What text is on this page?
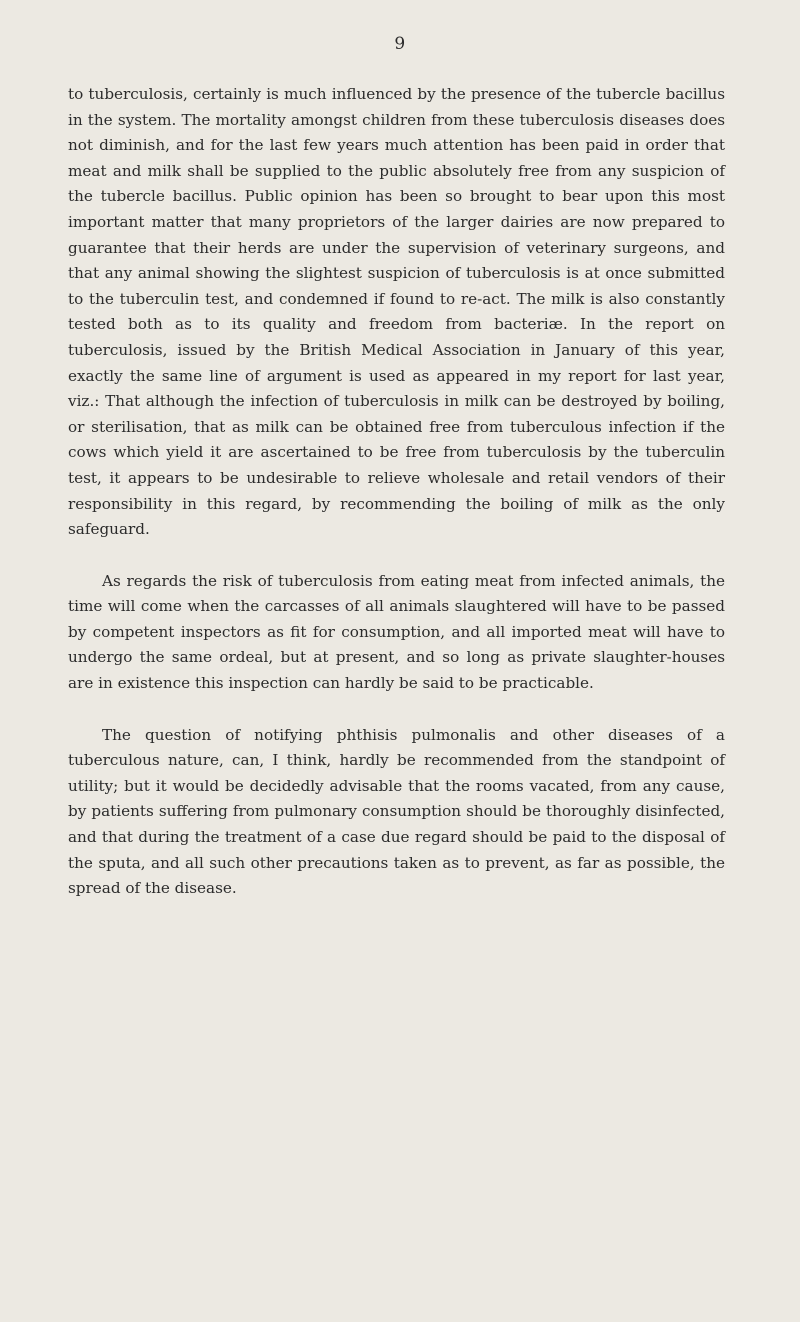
9

to tuberculosis, certainly is much influenced by the presence of the tubercle bacillus in the system. The mortality amongst children from these tuberculosis diseases does not diminish, and for the last few years much attention has been paid in order that meat and milk shall be supplied to the public absolutely free from any suspicion of the tubercle bacillus. Public opinion has been so brought to bear upon this most important matter that many proprietors of the larger dairies are now prepared to guarantee that their herds are under the supervision of veterinary surgeons, and that any animal showing the slightest suspicion of tuberculosis is at once submitted to the tuberculin test, and condemned if found to re-act. The milk is also constantly tested both as to its quality and freedom from bacteriæ. In the report on tuberculosis, issued by the British Medical Association in January of this year, exactly the same line of argument is used as appeared in my report for last year, viz.: That although the infection of tuberculosis in milk can be destroyed by boiling, or sterilisation, that as milk can be obtained free from tuberculous infection if the cows which yield it are ascertained to be free from tuberculosis by the tuberculin test, it appears to be undesirable to relieve wholesale and retail vendors of their responsibility in this regard, by recommending the boiling of milk as the only safeguard.

As regards the risk of tuberculosis from eating meat from infected animals, the time will come when the carcasses of all animals slaughtered will have to be passed by competent inspectors as fit for consumption, and all imported meat will have to undergo the same ordeal, but at present, and so long as private slaughter-houses are in existence this inspection can hardly be said to be practicable.

The question of notifying phthisis pulmonalis and other diseases of a tuberculous nature, can, I think, hardly be recommended from the standpoint of utility; but it would be decidedly advisable that the rooms vacated, from any cause, by patients suffering from pulmonary consumption should be thoroughly disinfected, and that during the treatment of a case due regard should be paid to the disposal of the sputa, and all such other precautions taken as to prevent, as far as possible, the spread of the disease.
